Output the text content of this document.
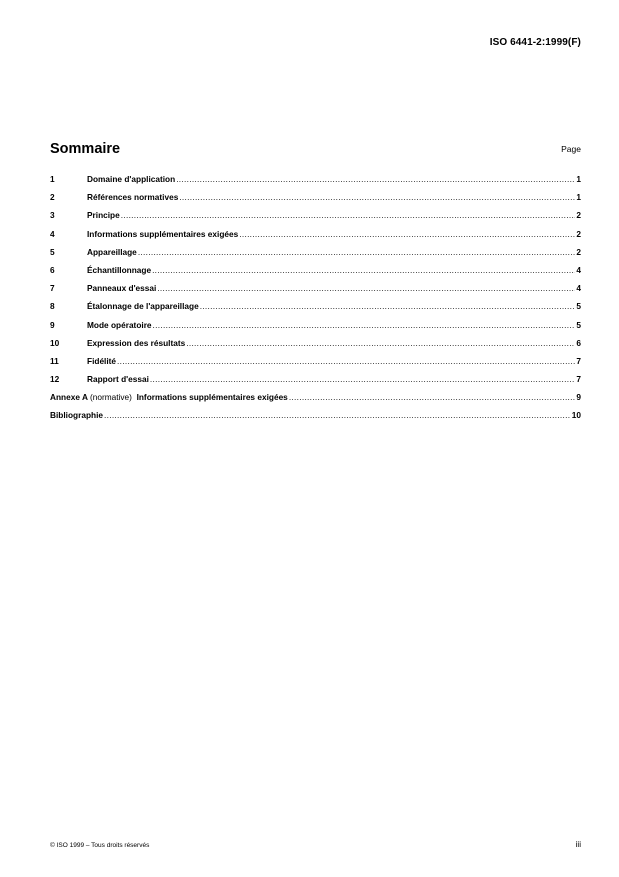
ISO 6441-2:1999(F)
Sommaire	Page
1	Domaine d'application .....	1
2	Références normatives .....	1
3	Principe .....	2
4	Informations supplémentaires exigées .....	2
5	Appareillage .....	2
6	Échantillonnage .....	4
7	Panneaux d'essai .....	4
8	Étalonnage de l'appareillage .....	5
9	Mode opératoire .....	5
10	Expression des résultats .....	6
11	Fidélité .....	7
12	Rapport d'essai .....	7
Annexe A (normative) Informations supplémentaires exigées .....	9
Bibliographie .....	10
© ISO 1999 – Tous droits réservés	iii
